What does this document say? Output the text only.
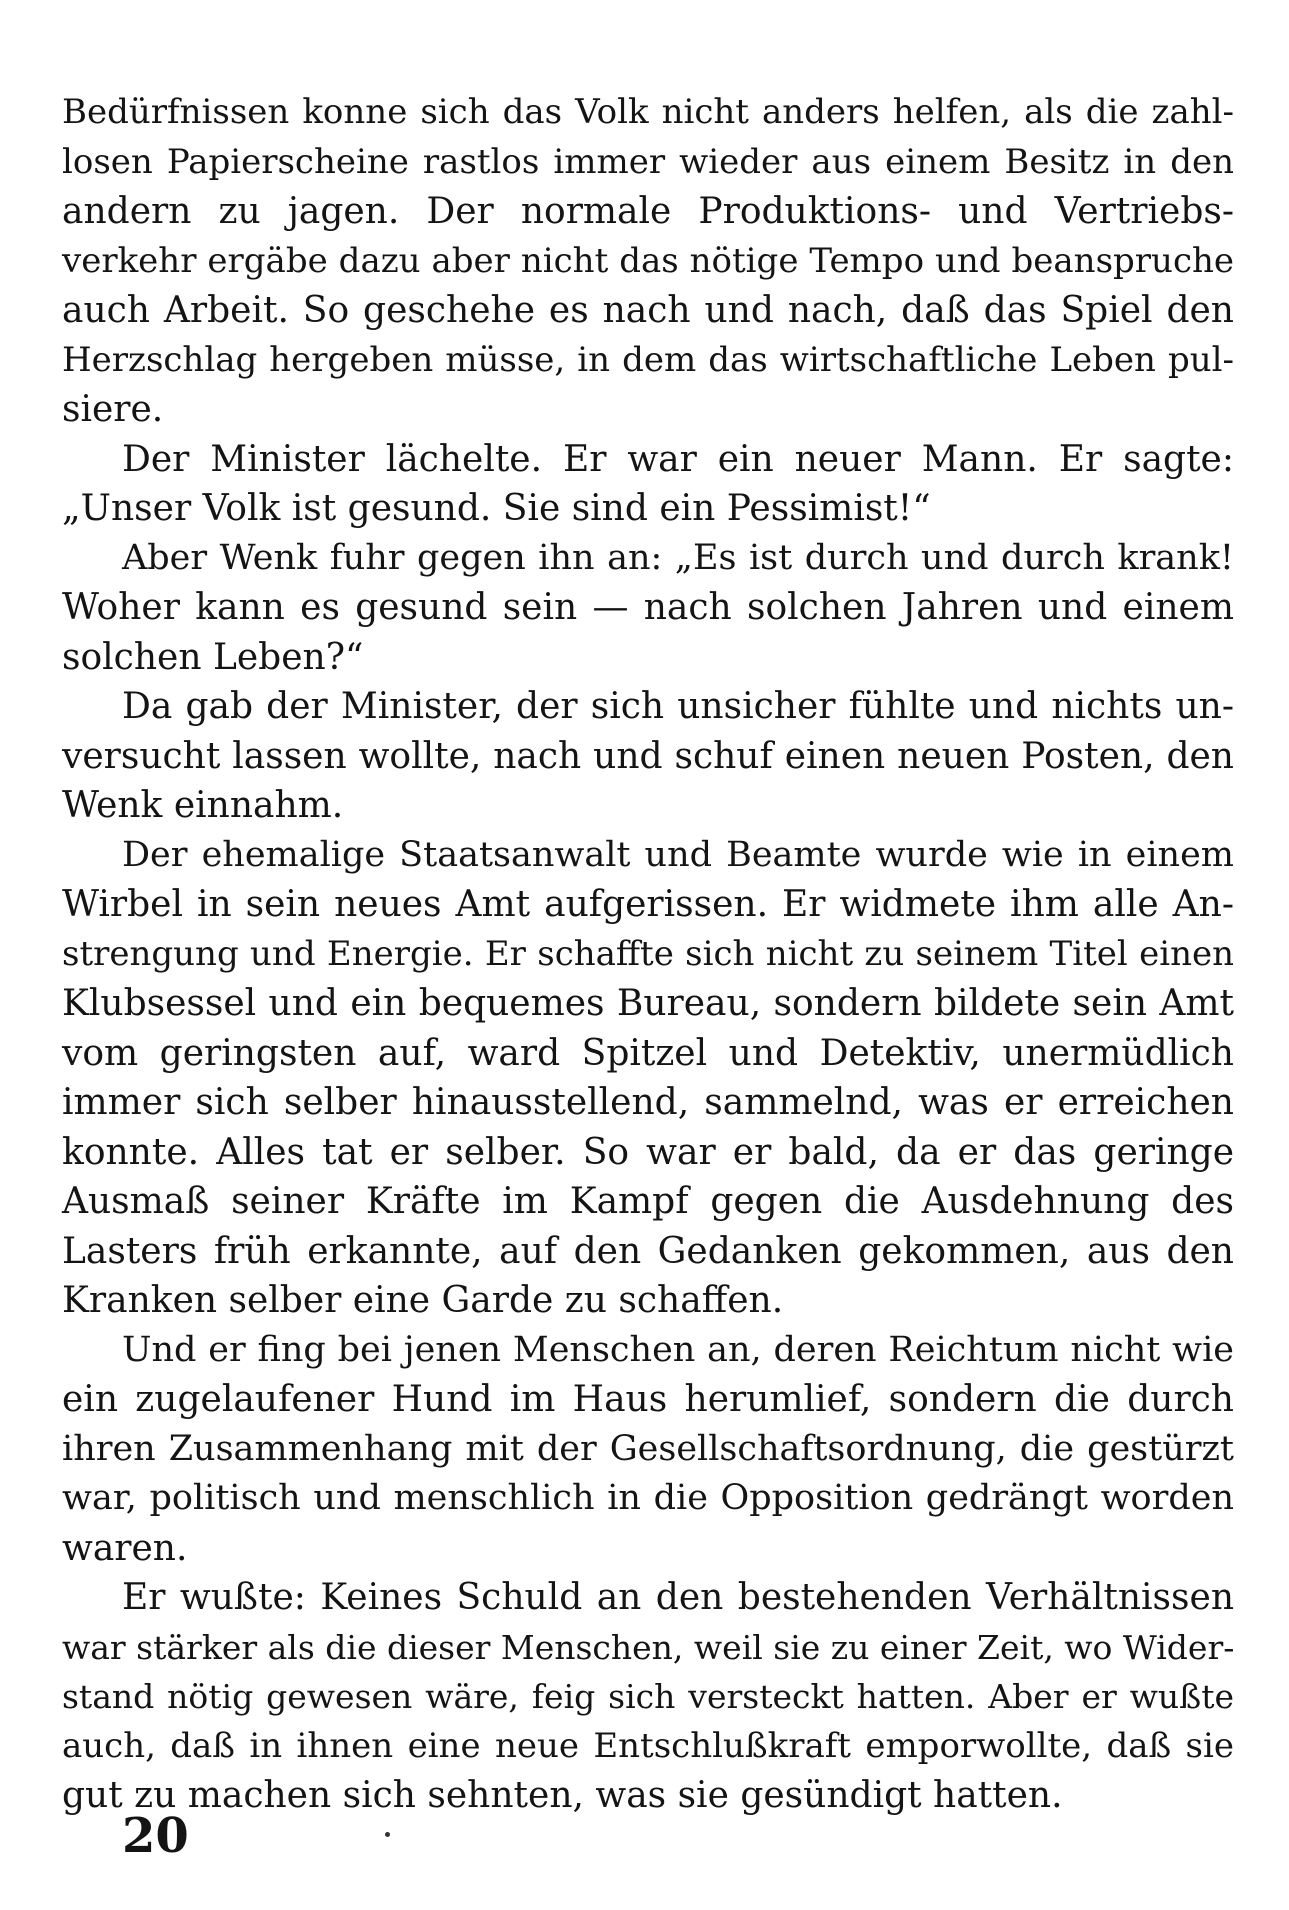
Bedürfnissen konne sich das Volk nicht anders helfen, als die zahl-
losen Papierscheine rastlos immer wieder aus einem Besitz in den
andern zu jagen. Der normale Produktions- und Vertriebs-
verkehr ergäbe dazu aber nicht das nötige Tempo und beanspruche
auch Arbeit. So geschehe es nach und nach, daß das Spiel den
Herzschlag hergeben müsse, in dem das wirtschaftliche Leben pul-
siere.
Der Minister lächelte. Er war ein neuer Mann. Er sagte:
„Unser Volk ist gesund. Sie sind ein Pessimist!“
Aber Wenk fuhr gegen ihn an: „Es ist durch und durch krank!
Woher kann es gesund sein — nach solchen Jahren und einem
solchen Leben?“
Da gab der Minister, der sich unsicher fühlte und nichts un-
versucht lassen wollte, nach und schuf einen neuen Posten, den
Wenk einnahm.
Der ehemalige Staatsanwalt und Beamte wurde wie in einem
Wirbel in sein neues Amt aufgerissen. Er widmete ihm alle An-
strengung und Energie. Er schaffte sich nicht zu seinem Titel einen
Klubsessel und ein bequemes Bureau, sondern bildete sein Amt
vom geringsten auf, ward Spitzel und Detektiv, unermüdlich
immer sich selber hinausstellend, sammelnd, was er erreichen
konnte. Alles tat er selber. So war er bald, da er das geringe
Ausmaß seiner Kräfte im Kampf gegen die Ausdehnung des
Lasters früh erkannte, auf den Gedanken gekommen, aus den
Kranken selber eine Garde zu schaffen.
Und er fing bei jenen Menschen an, deren Reichtum nicht wie
ein zugelaufener Hund im Haus herumlief, sondern die durch
ihren Zusammenhang mit der Gesellschaftsordnung, die gestürzt
war, politisch und menschlich in die Opposition gedrängt worden
waren.
Er wußte: Keines Schuld an den bestehenden Verhältnissen
war stärker als die dieser Menschen, weil sie zu einer Zeit, wo Wider-
stand nötig gewesen wäre, feig sich versteckt hatten. Aber er wußte
auch, daß in ihnen eine neue Entschlußkraft emporwollte, daß sie
gut zu machen sich sehnten, was sie gesündigt hatten.
20
